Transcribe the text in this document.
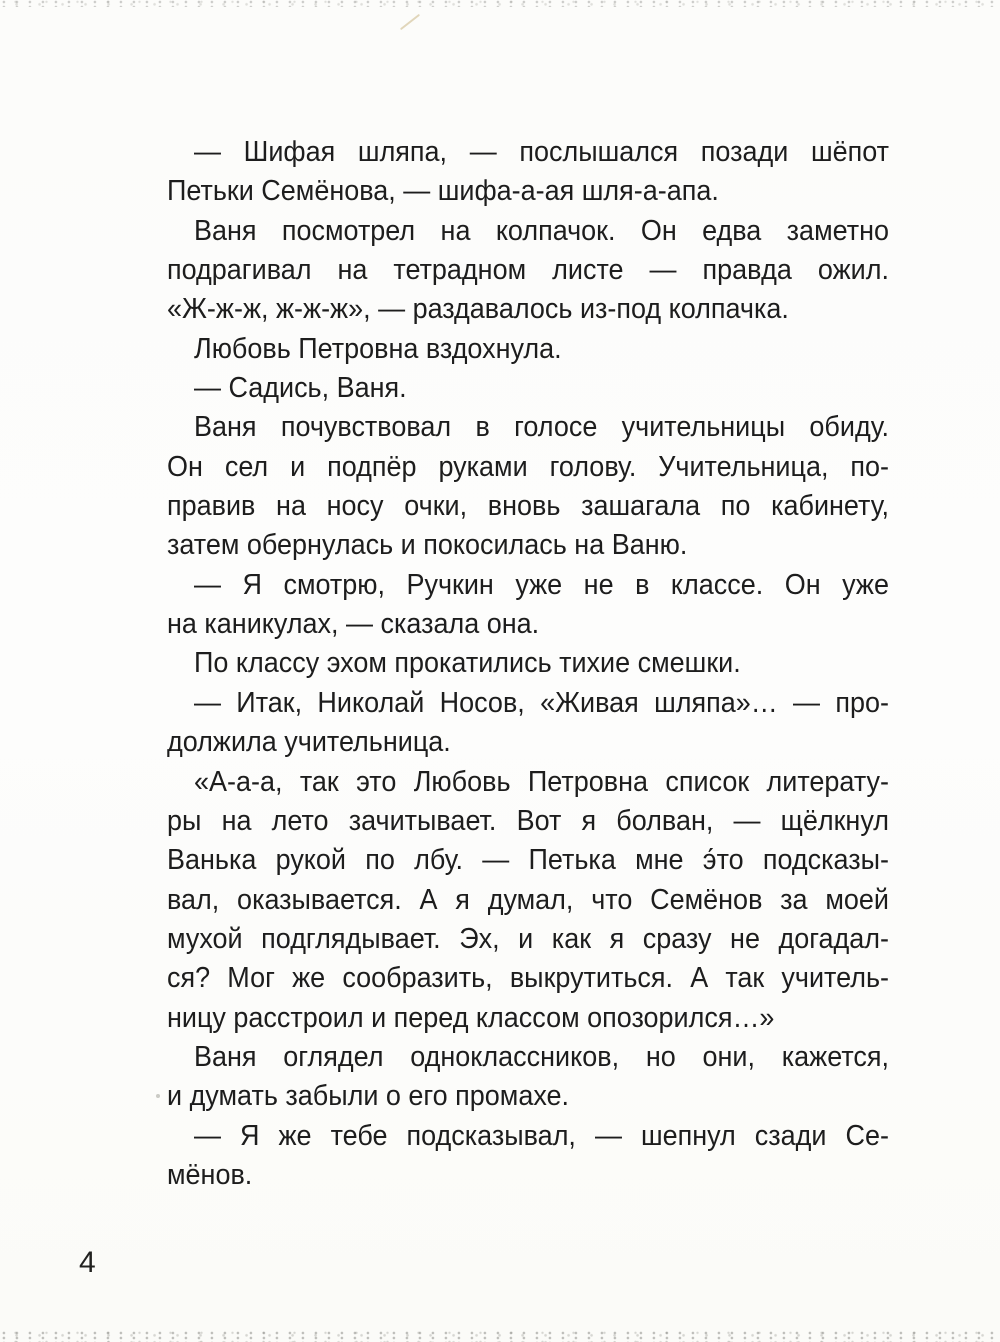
— Шифая шляпа, — послышался позади шёпот
Петьки Семёнова, — шифа-а-ая шля-а-апа.
Ваня посмотрел на колпачок. Он едва заметно
подрагивал на тетрадном листе — правда ожил.
«Ж-ж-ж, ж-ж-ж», — раздавалось из-под колпачка.
Любовь Петровна вздохнула.
— Садись, Ваня.
Ваня почувствовал в голосе учительницы обиду.
Он сел и подпёр руками голову. Учительница, по-
правив на носу очки, вновь зашагала по кабинету,
затем обернулась и покосилась на Ваню.
— Я смотрю, Ручкин уже не в классе. Он уже
на каникулах, — сказала она.
По классу эхом прокатились тихие смешки.
— Итак, Николай Носов, «Живая шляпа»… — про-
должила учительница.
«А-а-а, так это Любовь Петровна список литерату-
ры на лето зачитывает. Вот я болван, — щёлкнул
Ванька рукой по лбу. — Петька мне э́то подсказы-
вал, оказывается. А я думал, что Семёнов за моей
мухой подглядывает. Эх, и как я сразу не догадал-
ся? Мог же сообразить, выкрутиться. А так учитель-
ницу расстроил и перед классом опозорился…»
Ваня оглядел одноклассников, но они, кажется,
и думать забыли о его промахе.
— Я же тебе подсказывал, — шепнул сзади Се-
мёнов.
4
